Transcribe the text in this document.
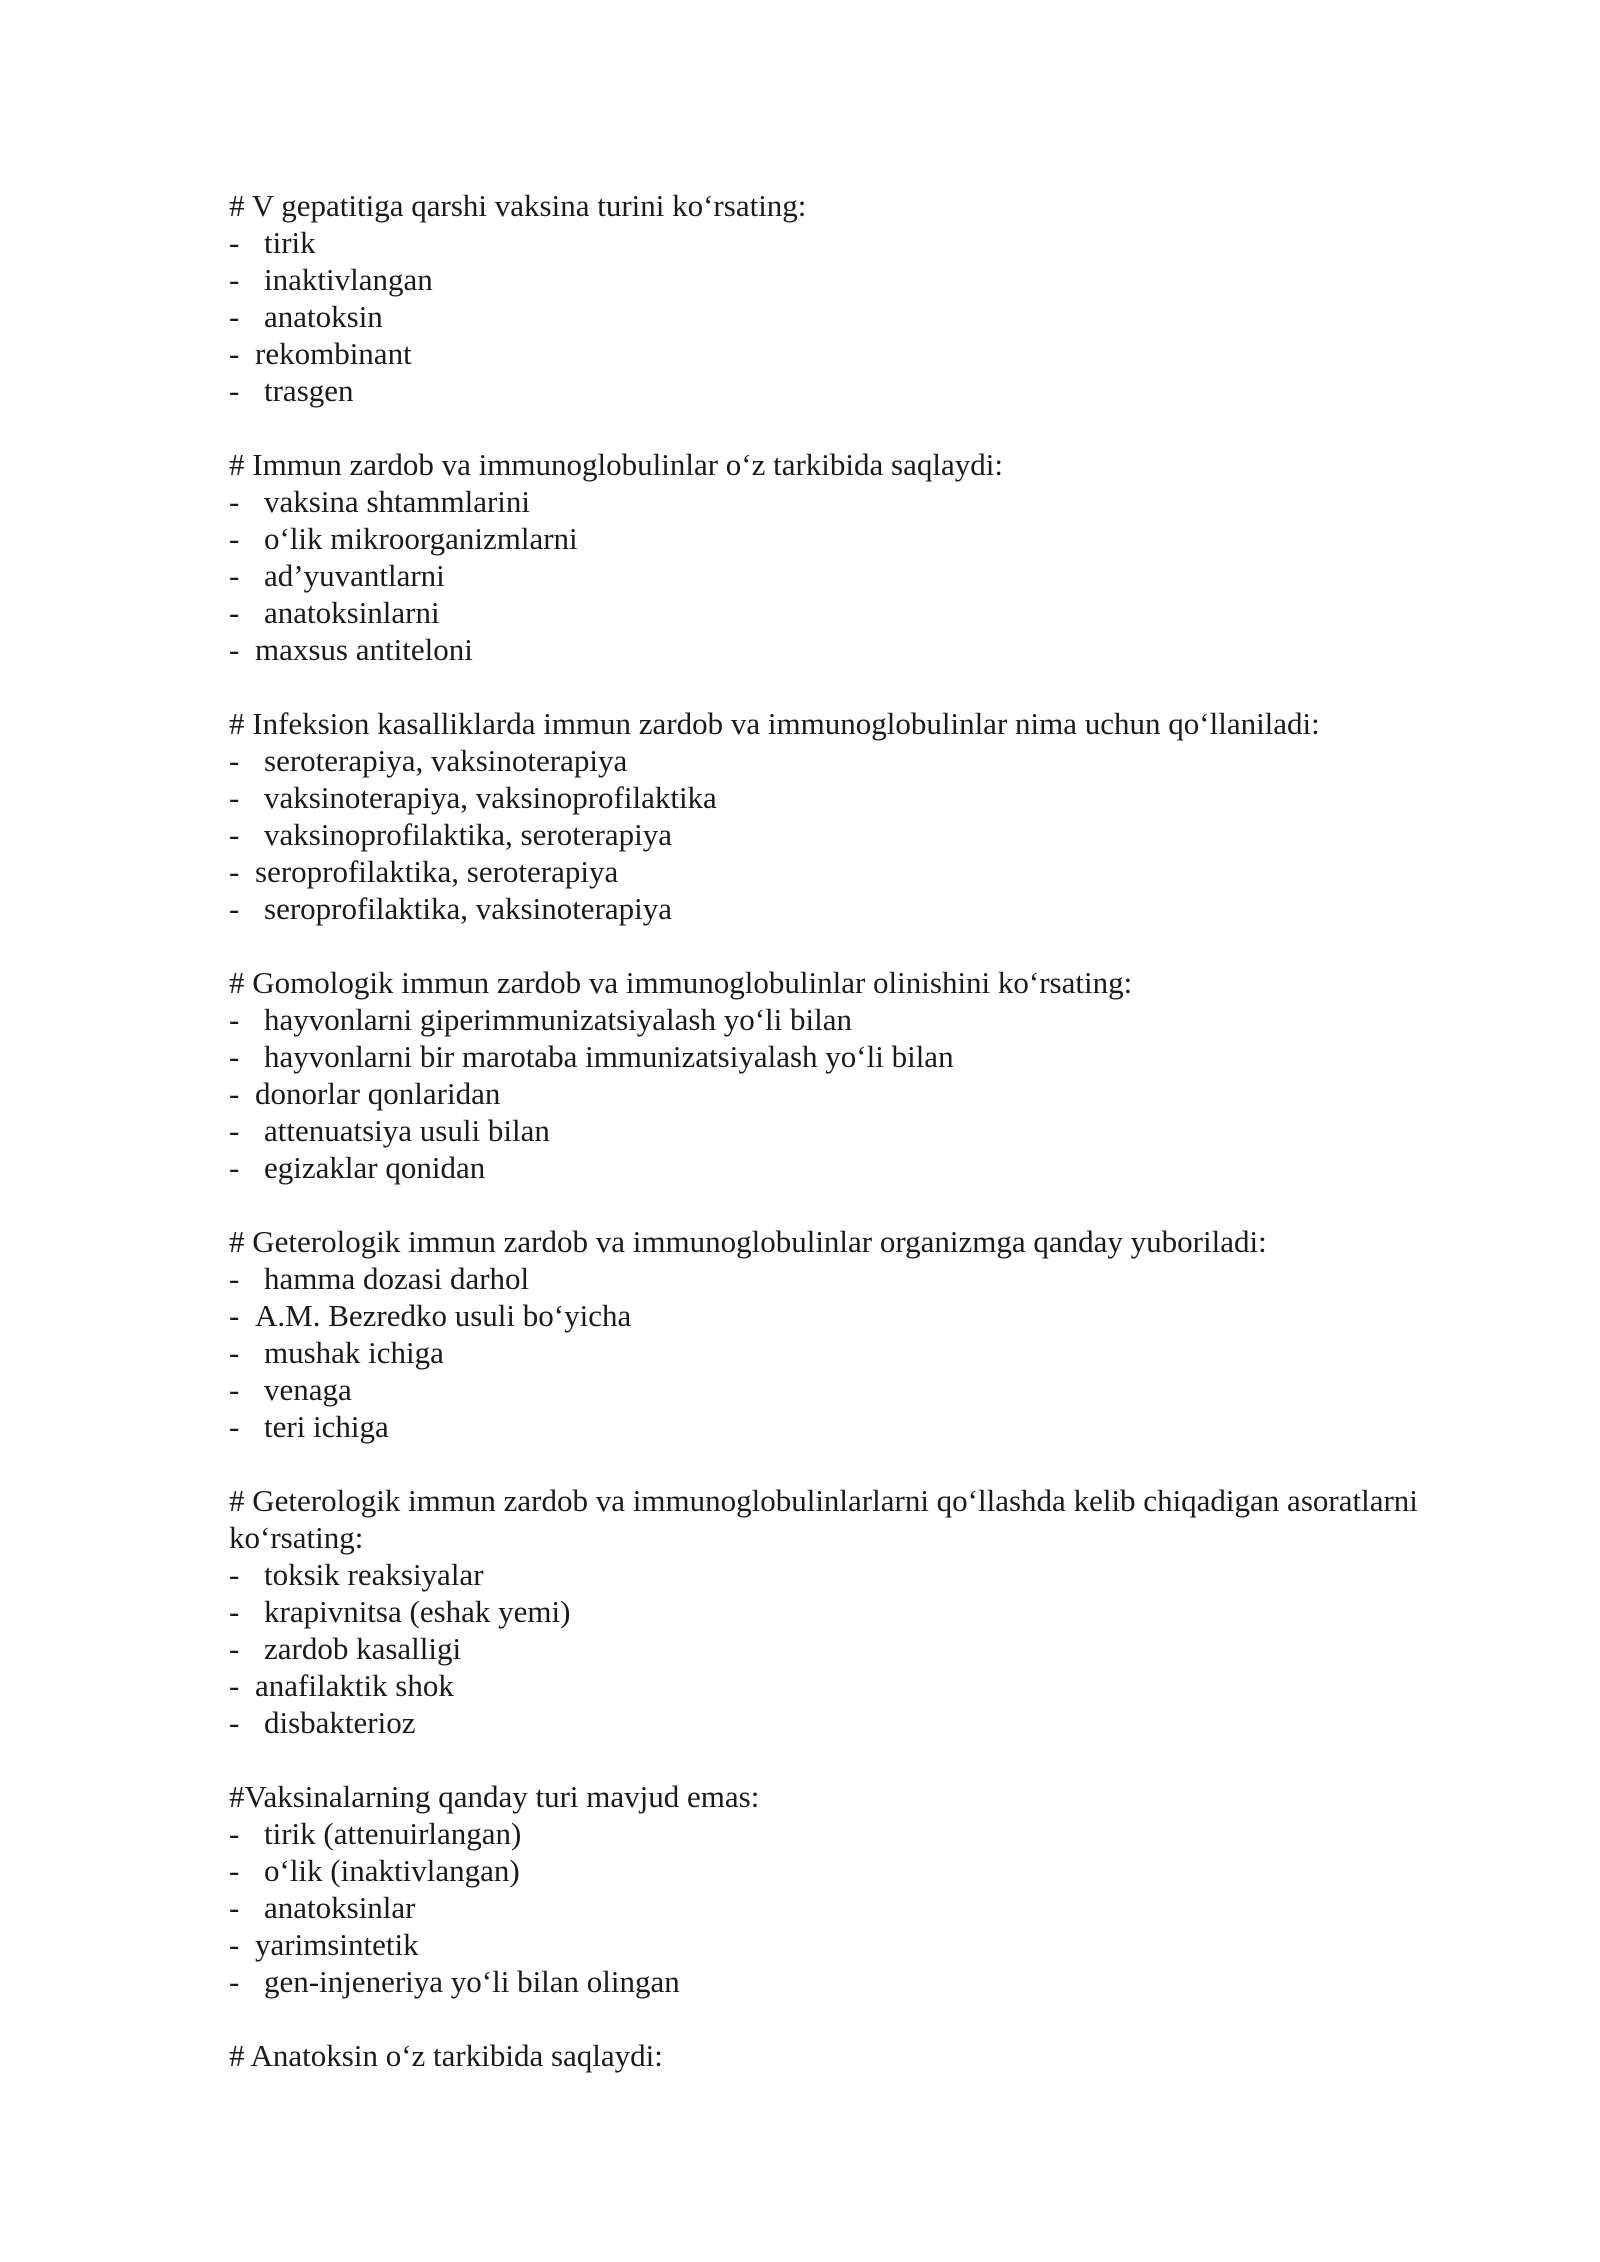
# V gepatitiga qarshi vaksina turini ko‘rsating:

- tirik
- inaktivlangan
- anatoksin
- rekombinant
- trasgen

# Immun zardob va immunoglobulinlar o‘z tarkibida saqlaydi:

- vaksina shtammlarini
- o‘lik mikroorganizmlarni
- ad’yuvantlarni
- anatoksinlarni
- maxsus antiteloni

# Infeksion kasalliklarda immun zardob va immunoglobulinlar nima uchun qo‘llaniladi:

- seroterapiya, vaksinoterapiya
- vaksinoterapiya, vaksinoprofilaktika
- vaksinoprofilaktika, seroterapiya
- seroprofilaktika, seroterapiya
- seroprofilaktika, vaksinoterapiya

# Gomologik immun zardob va immunoglobulinlar olinishini ko‘rsating:

- hayvonlarni giperimmunizatsiyalash yo‘li bilan
- hayvonlarni bir marotaba immunizatsiyalash yo‘li bilan
- donorlar qonlaridan
- attenuatsiya usuli bilan
- egizaklar qonidan

# Geterologik immun zardob va immunoglobulinlar organizmga qanday yuboriladi:

- hamma dozasi darhol
- A.M. Bezredko usuli bo‘yicha
- mushak ichiga
- venaga
- teri ichiga

# Geterologik immun zardob va immunoglobulinlarlarni qo‘llashda kelib chiqadigan asoratlarni ko‘rsating:

- toksik reaksiyalar
- krapivnitsa (eshak yemi)
- zardob kasalligi
- anafilaktik shok
- disbakterioz

#Vaksinalarning qanday turi mavjud emas:

- tirik (attenuirlangan)
- o‘lik (inaktivlangan)
- anatoksinlar
- yarimsintetik
- gen-injeneriya yo‘li bilan olingan

# Anatoksin o‘z tarkibida saqlaydi:
